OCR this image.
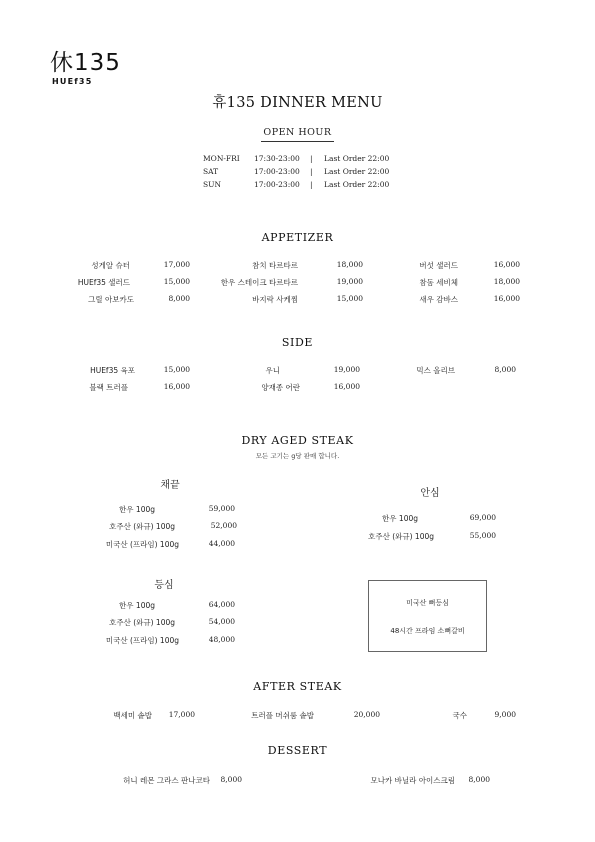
休135
HUEf35
휴135 DINNER MENU
OPEN HOUR
MON-FRI	17:30-23:00	|	Last Order 22:00
SAT	17:00-23:00	|	Last Order 22:00
SUN	17:00-23:00	|	Last Order 22:00
APPETIZER
성게알 슈터	17,000	참치 타르타르	18,000	버섯 샐러드	16,000
HUEf35 샐러드	15,000	한우 스테이크 타르타르	19,000	참돔 세비체	18,000
그릴 아보카도	8,000	바지락 사케찜	15,000	새우 감바스	16,000
SIDE
HUEf35 육포	15,000	우니	19,000	믹스 올리브	8,000
블랙 트러플	16,000	양재종 어란	16,000
DRY AGED STEAK
모든 고기는 g당 판매 합니다.
채끝
한우 100g	59,000
호주산 (와규) 100g	52,000
미국산 (프라임) 100g	44,000
안심
한우 100g	69,000
호주산 (와규) 100g	55,000
등심
한우 100g	64,000
호주산 (와규) 100g	54,000
미국산 (프라임) 100g	48,000
미국산 뼈등심
48시간 프라임 소뼈갈비
AFTER STEAK
백세미 솥밥	17,000	트러플 머쉬룸 솥밥	20,000	국수	9,000
DESSERT
허니 레몬 그라스 판나코타	8,000	모나카 바닐라 아이스크림	8,000
